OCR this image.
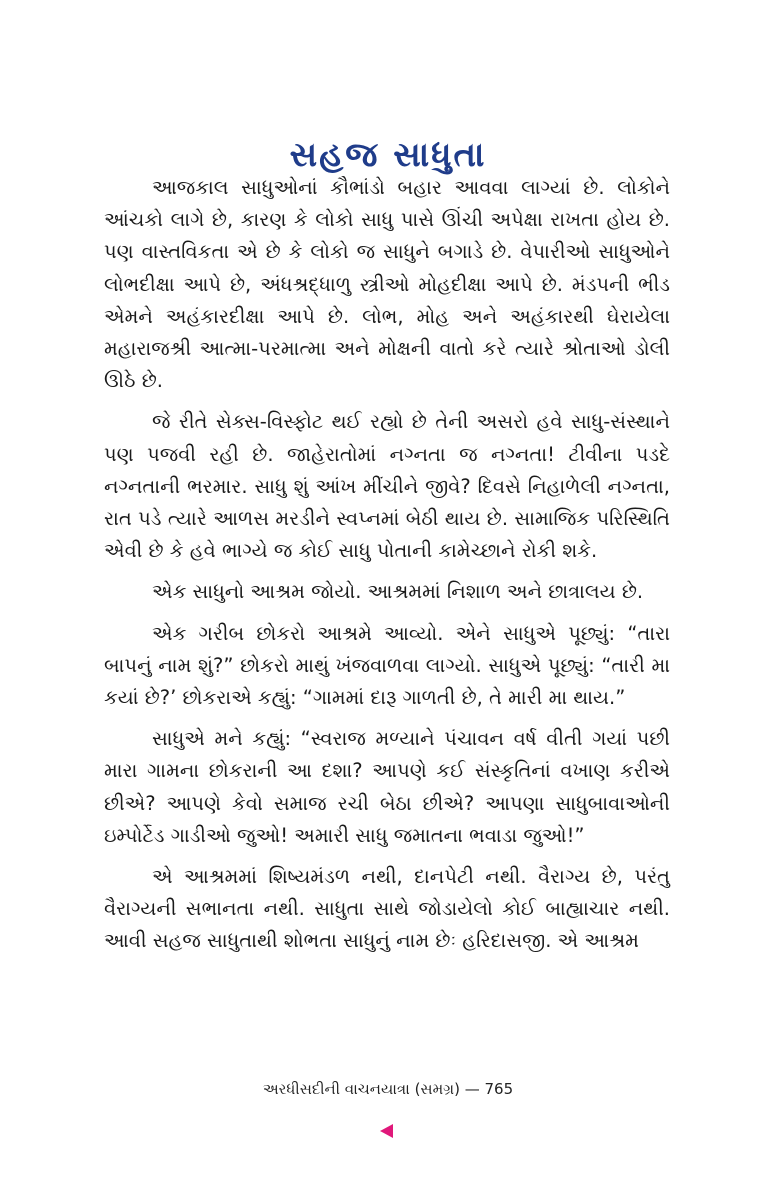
સહજ સાધુતા

આજકાલ સાધુઓનાં કૌભાંડો બહાર આવવા લાગ્યાં છે. લોકોને આંચકો લાગે છે, કારણ કે લોકો સાધુ પાસે ઊંચી અપેક્ષા રાખતા હોય છે. પણ વાસ્તવિકતા એ છે કે લોકો જ સાધુને બગાડે છે. વેપારીઓ સાધુઓને લોભદીક્ષા આપે છે, અંધશ્રદ્ધાળુ સ્ત્રીઓ મોહદીક્ષા આપે છે. મંડપની ભીડ એમને અહંકારદીક્ષા આપે છે. લોભ, મોહ અને અહંકારથી ઘેરાયેલા મહારાજશ્રી આત્મા-પરમાત્મા અને મોક્ષની વાતો કરે ત્યારે શ્રોતાઓ ડોલી ઊઠે છે.

જે રીતે સેક્સ-વિસ્ફોટ થઈ રહ્યો છે તેની અસરો હવે સાધુ-સંસ્થાને પણ પજવી રહી છે. જાહેરાતોમાં નગ્નતા જ નગ્નતા! ટીવીના પડદે નગ્નતાની ભરમાર. સાધુ શું આંખ મીંચીને જીવે? દિવસે નિહાળેલી નગ્નતા, રાત પડે ત્યારે આળસ મરડીને સ્વપ્નમાં બેઠી થાય છે. સામાજિક પરિસ્થિતિ એવી છે કે હવે ભાગ્યે જ કોઈ સાધુ પોતાની કામેચ્છાને રોકી શકે.

એક સાધુનો આશ્રમ જોયો. આશ્રમમાં નિશાળ અને છાત્રાલય છે.

એક ગરીબ છોકરો આશ્રમે આવ્યો. એને સાધુએ પૂછ્યું: “તારા બાપનું નામ શું?” છોકરો માથું ખંજવાળવા લાગ્યો. સાધુએ પૂછ્યું: “તારી મા કયાં છે?’ છોકરાએ કહ્યું: “ગામમાં દારૂ ગાળતી છે, તે મારી મા થાય.”

સાધુએ મને કહ્યું: “સ્વરાજ મળ્યાને પંચાવન વર્ષ વીતી ગયાં પછી મારા ગામના છોકરાની આ દશા? આપણે કઈ સંસ્કૃતિનાં વખાણ કરીએ છીએ? આપણે કેવો સમાજ રચી બેઠા છીએ? આપણા સાધુબાવાઓની ઇમ્પોર્ટેડ ગાડીઓ જુઓ! અમારી સાધુ જમાતના ભવાડા જુઓ!”

એ આશ્રમમાં શિષ્યમંડળ નથી, દાનપેટી નથી. વૈરાગ્ય છે, પરંતુ વૈરાગ્યની સભાનતા નથી. સાધુતા સાથે જોડાયેલો કોઈ બાહ્યાચાર નથી. આવી સહજ સાધુતાથી શોભતા સાધુનું નામ છેઃ હરિદાસજી. એ આશ્રમ

અરધીસદીની વાચનયાત્રા (સમગ્ર) — 765
